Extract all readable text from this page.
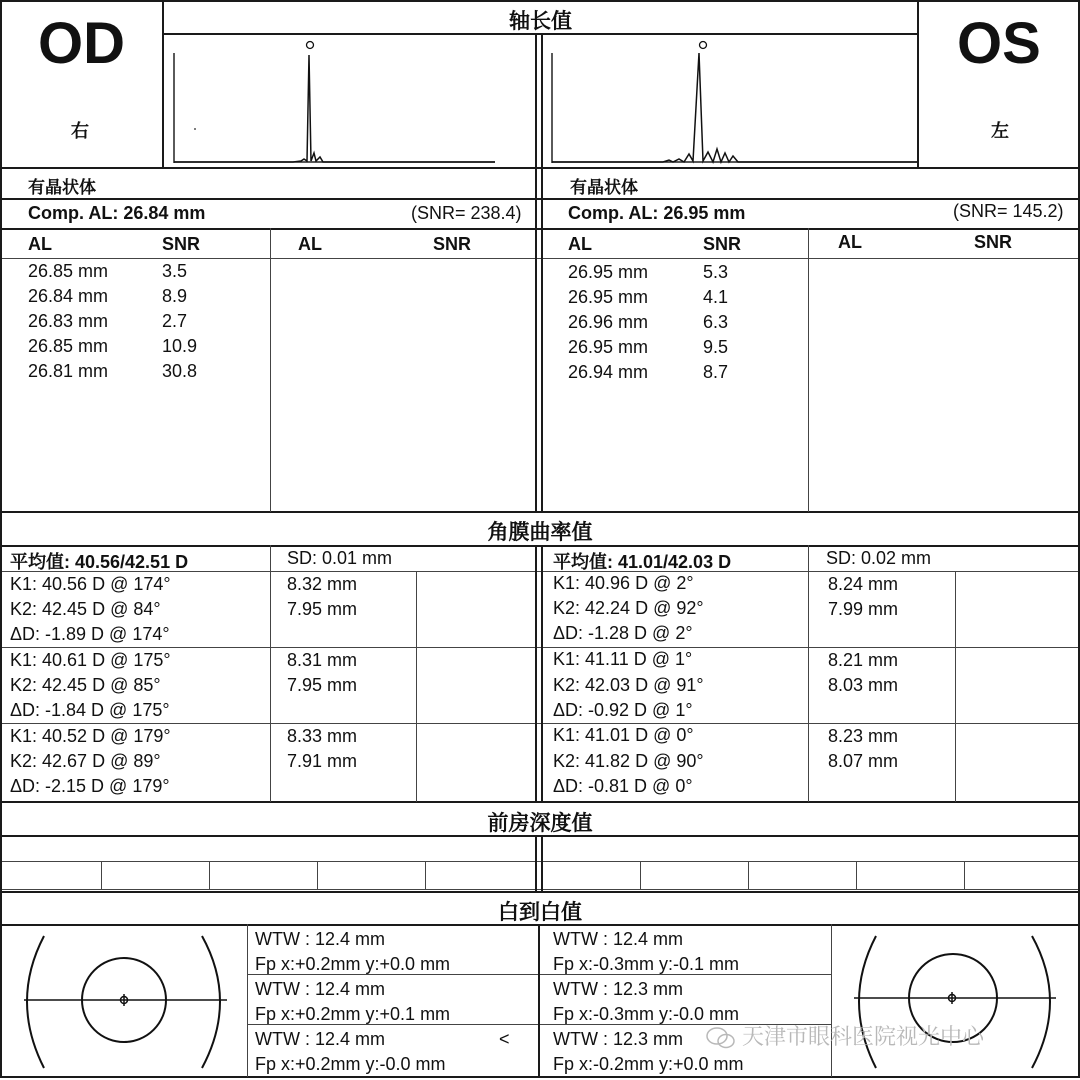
OD
右
OS
左
轴长值
有晶状体
Comp. AL: 26.84 mm	(SNR= 238.4)
AL	SNR	AL	SNR
26.85 mm	3.5
26.84 mm	8.9
26.83 mm	2.7
26.85 mm	10.9
26.81 mm	30.8
有晶状体
Comp. AL: 26.95 mm	(SNR= 145.2)
AL	SNR	AL	SNR
26.95 mm	5.3
26.95 mm	4.1
26.96 mm	6.3
26.95 mm	9.5
26.94 mm	8.7
角膜曲率值
平均值: 40.56/42.51 D	SD: 0.01 mm	平均值: 41.01/42.03 D	SD: 0.02 mm
K1: 40.56 D @ 174°
K2: 42.45 D @ 84°
ΔD: -1.89 D @ 174°
8.32 mm
7.95 mm
K1: 40.61 D @ 175°
K2: 42.45 D @ 85°
ΔD: -1.84 D @ 175°
8.31 mm
7.95 mm
K1: 40.52 D @ 179°
K2: 42.67 D @ 89°
ΔD: -2.15 D @ 179°
8.33 mm
7.91 mm
K1: 40.96 D @ 2°
K2: 42.24 D @ 92°
ΔD: -1.28 D @ 2°
8.24 mm
7.99 mm
K1: 41.11 D @ 1°
K2: 42.03 D @ 91°
ΔD: -0.92 D @ 1°
8.21 mm
8.03 mm
K1: 41.01 D @ 0°
K2: 41.82 D @ 90°
ΔD: -0.81 D @ 0°
8.23 mm
8.07 mm
前房深度值
白到白值
WTW : 12.4 mm
Fp x:+0.2mm y:+0.0 mm
WTW : 12.4 mm
Fp x:+0.2mm y:+0.1 mm
WTW : 12.4 mm
Fp x:+0.2mm y:-0.0 mm
<
WTW : 12.4 mm
Fp x:-0.3mm y:-0.1 mm
WTW : 12.3 mm
Fp x:-0.3mm y:-0.0 mm
WTW : 12.3 mm
Fp x:-0.2mm y:+0.0 mm
天津市眼科医院视光中心
